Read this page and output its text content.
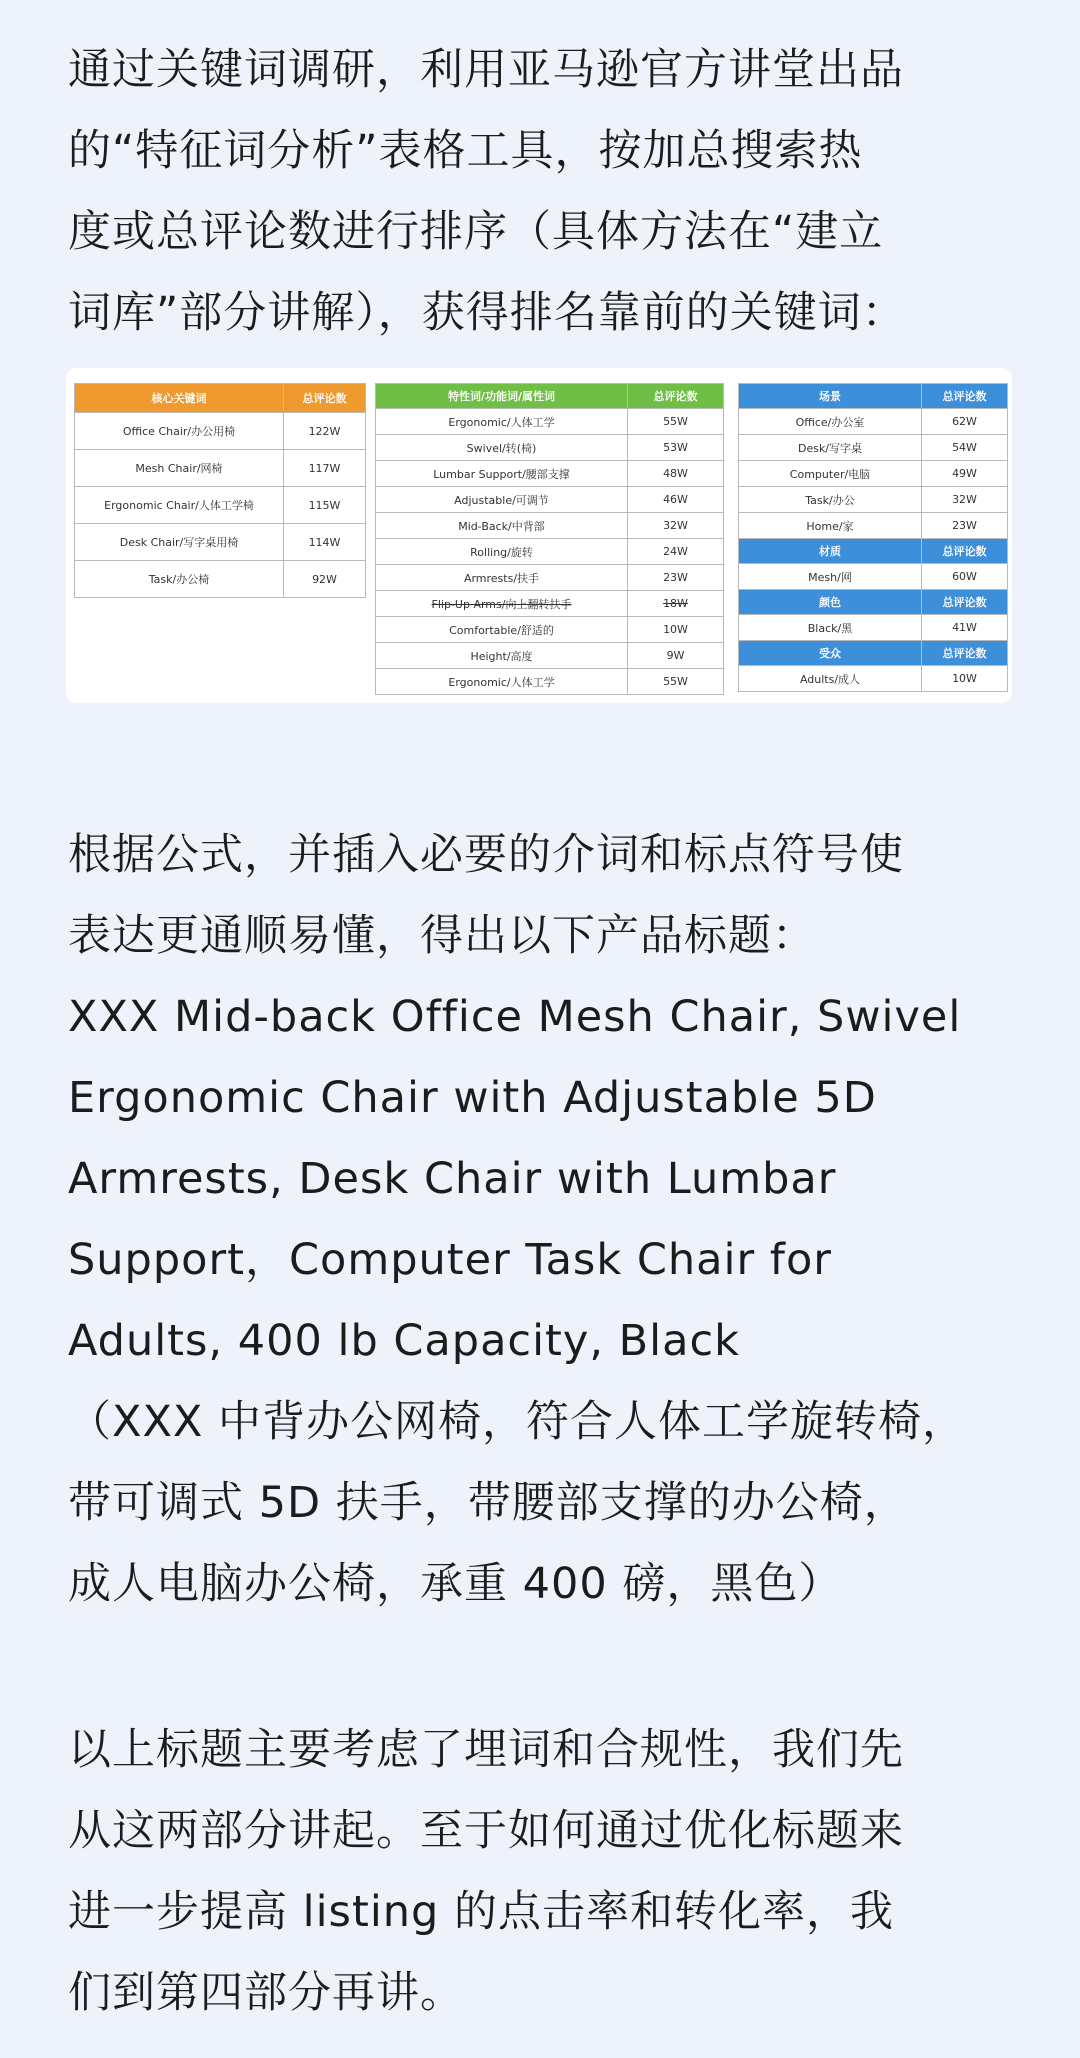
通过关键词调研，利用亚马逊官方讲堂出品
的“特征词分析”表格工具，按加总搜索热
度或总评论数进行排序（具体方法在“建立
词库”部分讲解），获得排名靠前的关键词：
核心关键词	总评论数
Office Chair/办公用椅	122W
Mesh Chair/网椅	117W
Ergonomic Chair/人体工学椅	115W
Desk Chair/写字桌用椅	114W
Task/办公椅	92W
特性词/功能词/属性词	总评论数
Ergonomic/人体工学	55W
Swivel/转(椅)	53W
Lumbar Support/腰部支撑	48W
Adjustable/可调节	46W
Mid-Back/中背部	32W
Rolling/旋转	24W
Armrests/扶手	23W
Flip-Up Arms/向上翻转扶手	18W
Comfortable/舒适的	10W
Height/高度	9W
Ergonomic/人体工学	55W
场景	总评论数
Office/办公室	62W
Desk/写字桌	54W
Computer/电脑	49W
Task/办公	32W
Home/家	23W
材质	总评论数
Mesh/网	60W
颜色	总评论数
Black/黑	41W
受众	总评论数
Adults/成人	10W
根据公式，并插入必要的介词和标点符号使
表达更通顺易懂，得出以下产品标题：
XXX Mid-back Office Mesh Chair, Swivel
Ergonomic Chair with Adjustable 5D
Armrests, Desk Chair with Lumbar
Support，Computer Task Chair for
Adults, 400 lb Capacity, Black
（XXX 中背办公网椅，符合人体工学旋转椅，
带可调式 5D 扶手，带腰部支撑的办公椅，
成人电脑办公椅，承重 400 磅，黑色）
以上标题主要考虑了埋词和合规性，我们先
从这两部分讲起。至于如何通过优化标题来
进一步提高 listing 的点击率和转化率，我
们到第四部分再讲。
